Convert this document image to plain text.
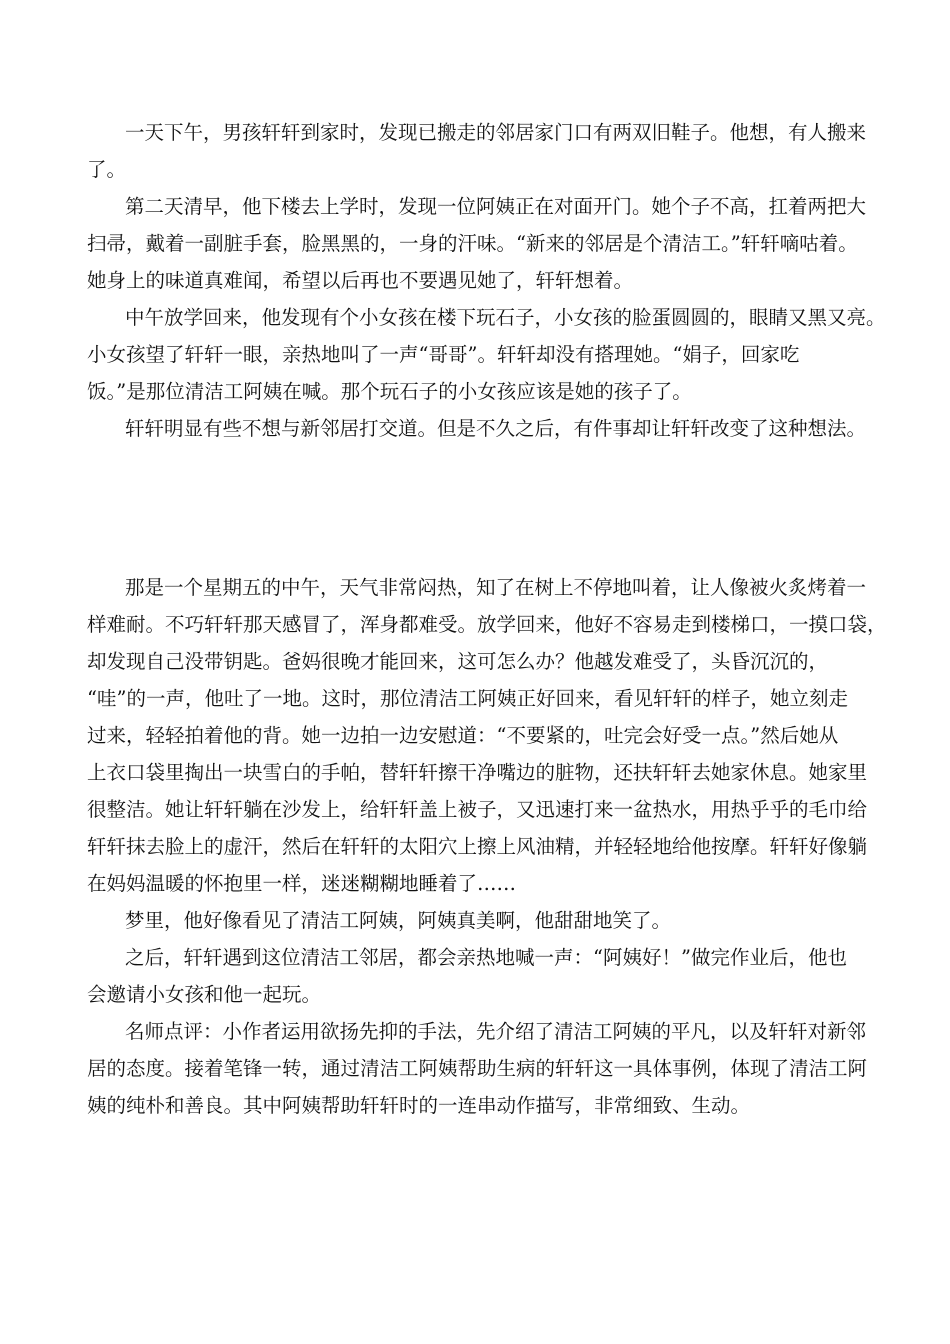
一天下午，男孩轩轩到家时，发现已搬走的邻居家门口有两双旧鞋子。他想，有人搬来
了。
第二天清早，他下楼去上学时，发现一位阿姨正在对面开门。她个子不高，扛着两把大
扫帚，戴着一副脏手套，脸黑黑的，一身的汗味。“新来的邻居是个清洁工。”轩轩嘀咕着。
她身上的味道真难闻，希望以后再也不要遇见她了，轩轩想着。
中午放学回来，他发现有个小女孩在楼下玩石子，小女孩的脸蛋圆圆的，眼睛又黑又亮。
小女孩望了轩轩一眼，亲热地叫了一声“哥哥”。轩轩却没有搭理她。“娟子，回家吃
饭。”是那位清洁工阿姨在喊。那个玩石子的小女孩应该是她的孩子了。
轩轩明显有些不想与新邻居打交道。但是不久之后，有件事却让轩轩改变了这种想法。
那是一个星期五的中午，天气非常闷热，知了在树上不停地叫着，让人像被火炙烤着一
样难耐。不巧轩轩那天感冒了，浑身都难受。放学回来，他好不容易走到楼梯口，一摸口袋，
却发现自己没带钥匙。爸妈很晚才能回来，这可怎么办？他越发难受了，头昏沉沉的，
“哇”的一声，他吐了一地。这时，那位清洁工阿姨正好回来，看见轩轩的样子，她立刻走
过来，轻轻拍着他的背。她一边拍一边安慰道：“不要紧的，吐完会好受一点。”然后她从
上衣口袋里掏出一块雪白的手帕，替轩轩擦干净嘴边的脏物，还扶轩轩去她家休息。她家里
很整洁。她让轩轩躺在沙发上，给轩轩盖上被子，又迅速打来一盆热水，用热乎乎的毛巾给
轩轩抹去脸上的虚汗，然后在轩轩的太阳穴上擦上风油精，并轻轻地给他按摩。轩轩好像躺
在妈妈温暖的怀抱里一样，迷迷糊糊地睡着了……
梦里，他好像看见了清洁工阿姨，阿姨真美啊，他甜甜地笑了。
之后，轩轩遇到这位清洁工邻居，都会亲热地喊一声：“阿姨好！”做完作业后，他也
会邀请小女孩和他一起玩。
名师点评：小作者运用欲扬先抑的手法，先介绍了清洁工阿姨的平凡，以及轩轩对新邻
居的态度。接着笔锋一转，通过清洁工阿姨帮助生病的轩轩这一具体事例，体现了清洁工阿
姨的纯朴和善良。其中阿姨帮助轩轩时的一连串动作描写，非常细致、生动。
